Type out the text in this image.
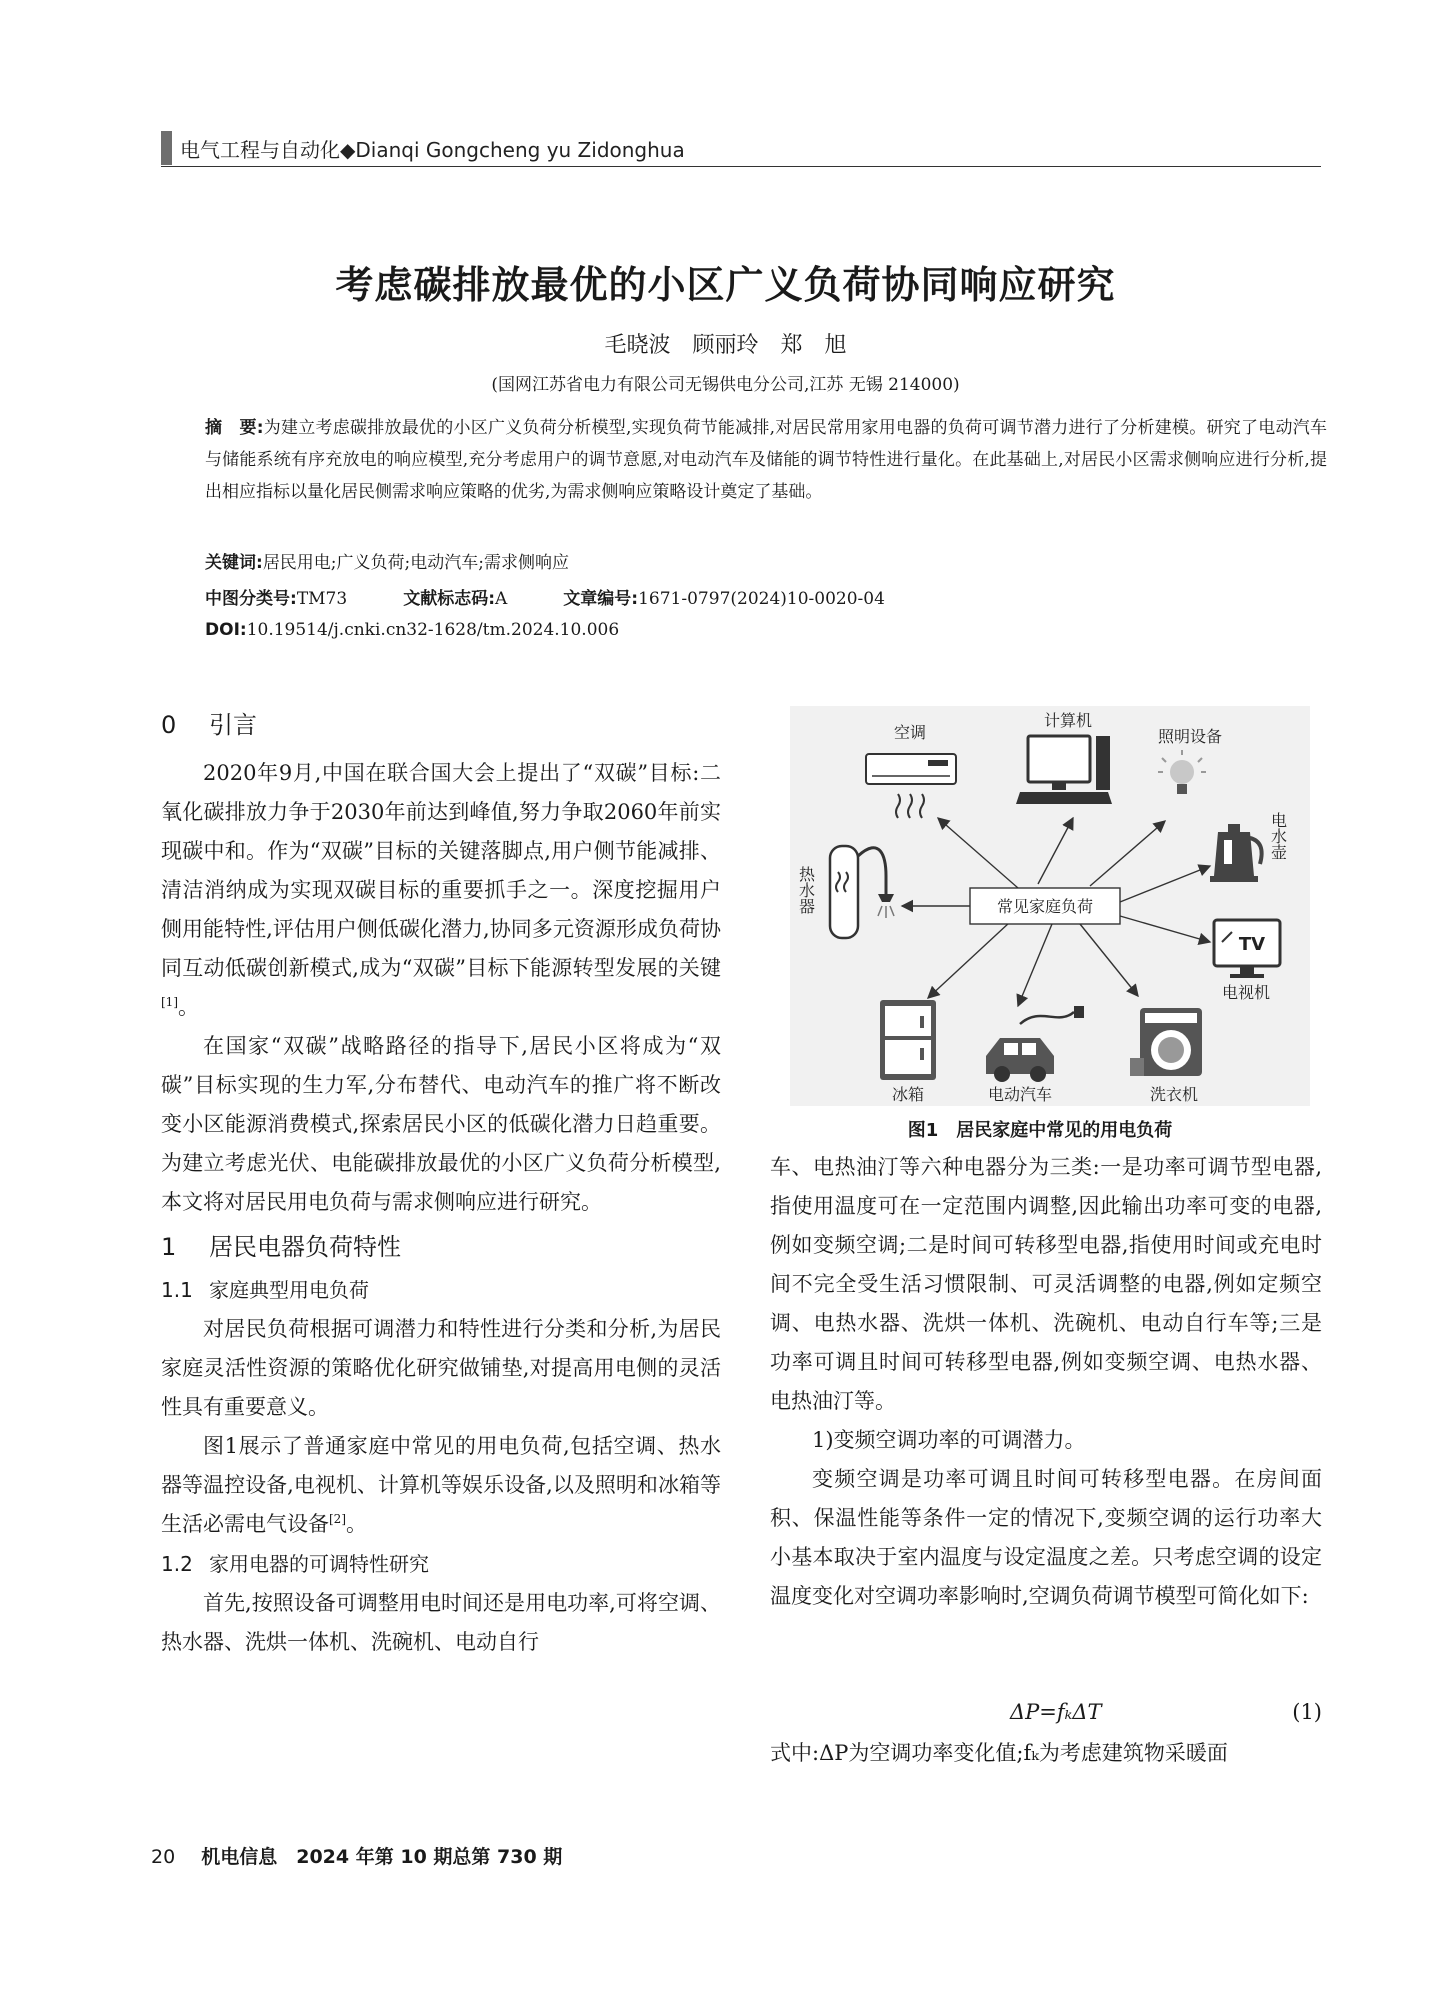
电气工程与自动化◆Dianqi Gongcheng yu Zidonghua
考虑碳排放最优的小区广义负荷协同响应研究
毛晓波　顾丽玲　郑　旭
(国网江苏省电力有限公司无锡供电分公司,江苏 无锡 214000)
摘　要:为建立考虑碳排放最优的小区广义负荷分析模型,实现负荷节能减排,对居民常用家用电器的负荷可调节潜力进行了分析建模。研究了电动汽车与储能系统有序充放电的响应模型,充分考虑用户的调节意愿,对电动汽车及储能的调节特性进行量化。在此基础上,对居民小区需求侧响应进行分析,提出相应指标以量化居民侧需求响应策略的优劣,为需求侧响应策略设计奠定了基础。
关键词:居民用电;广义负荷;电动汽车;需求侧响应
中图分类号:TM73	文献标志码:A	文章编号:1671-0797(2024)10-0020-04
DOI:10.19514/j.cnki.cn32-1628/tm.2024.10.006
0 引言

2020年9月,中国在联合国大会上提出了“双碳”目标:二氧化碳排放力争于2030年前达到峰值,努力争取2060年前实现碳中和。作为“双碳”目标的关键落脚点,用户侧节能减排、清洁消纳成为实现双碳目标的重要抓手之一。深度挖掘用户侧用能特性,评估用户侧低碳化潜力,协同多元资源形成负荷协同互动低碳创新模式,成为“双碳”目标下能源转型发展的关键[1]。

在国家“双碳”战略路径的指导下,居民小区将成为“双碳”目标实现的生力军,分布替代、电动汽车的推广将不断改变小区能源消费模式,探索居民小区的低碳化潜力日趋重要。为建立考虑光伏、电能碳排放最优的小区广义负荷分析模型,本文将对居民用电负荷与需求侧响应进行研究。

1 居民电器负荷特性
1.1 家庭典型用电负荷

对居民负荷根据可调潜力和特性进行分类和分析,为居民家庭灵活性资源的策略优化研究做铺垫,对提高用电侧的灵活性具有重要意义。

图1展示了普通家庭中常见的用电负荷,包括空调、热水器等温控设备,电视机、计算机等娱乐设备,以及照明和冰箱等生活必需电气设备[2]。

1.2 家用电器的可调特性研究

首先,按照设备可调整用电时间还是用电功率,可将空调、热水器、洗烘一体机、洗碗机、电动自行

常见家庭负荷
空调
计算机
照明设备
热水器
电水壶
TV
电视机
冰箱	电动汽车	洗衣机
图1　居民家庭中常见的用电负荷

车、电热油汀等六种电器分为三类:一是功率可调节型电器,指使用温度可在一定范围内调整,因此输出功率可变的电器,例如变频空调;二是时间可转移型电器,指使用时间或充电时间不完全受生活习惯限制、可灵活调整的电器,例如定频空调、电热水器、洗烘一体机、洗碗机、电动自行车等;三是功率可调且时间可转移型电器,例如变频空调、电热水器、电热油汀等。

1)变频空调功率的可调潜力。

变频空调是功率可调且时间可转移型电器。在房间面积、保温性能等条件一定的情况下,变频空调的运行功率大小基本取决于室内温度与设定温度之差。只考虑空调的设定温度变化对空调功率影响时,空调负荷调节模型可简化如下:

ΔP=fₖΔT	(1)

式中:ΔP为空调功率变化值;fₖ为考虑建筑物采暖面

20 机电信息　2024 年第 10 期总第 730 期
